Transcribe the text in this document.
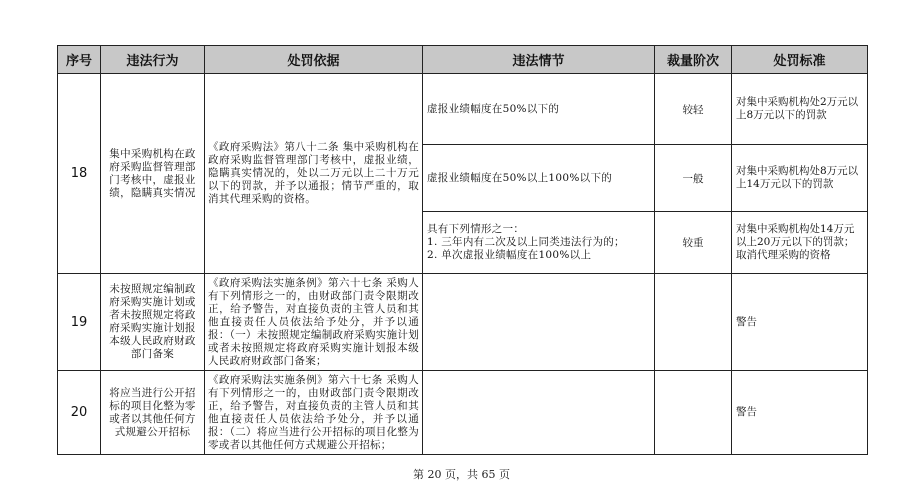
序号	违法行为	处罚依据	违法情节	裁量阶次	处罚标准
18	集中采购机构在政府采购监督管理部门考核中，虚报业绩，隐瞒真实情况	《政府采购法》第八十二条 集中采购机构在政府采购监督管理部门考核中，虚报业绩，隐瞒真实情况的，处以二万元以上二十万元以下的罚款，并予以通报；情节严重的，取消其代理采购的资格。	虚报业绩幅度在50%以下的	较轻	对集中采购机构处2万元以上8万元以下的罚款
			虚报业绩幅度在50%以上100%以下的	一般	对集中采购机构处8万元以上14万元以下的罚款
			具有下列情形之一：
1. 三年内有二次及以上同类违法行为的；
2. 单次虚报业绩幅度在100%以上	较重	对集中采购机构处14万元以上20万元以下的罚款；取消代理采购的资格
19	未按照规定编制政府采购实施计划或者未按照规定将政府采购实施计划报本级人民政府财政部门备案	《政府采购法实施条例》第六十七条 采购人有下列情形之一的，由财政部门责令限期改正，给予警告，对直接负责的主管人员和其他直接责任人员依法给予处分，并予以通报：（一）未按照规定编制政府采购实施计划或者未按照规定将政府采购实施计划报本级人民政府财政部门备案；			警告
20	将应当进行公开招标的项目化整为零或者以其他任何方式规避公开招标	《政府采购法实施条例》第六十七条 采购人有下列情形之一的，由财政部门责令限期改正，给予警告，对直接负责的主管人员和其他直接责任人员依法给予处分，并予以通报：（二）将应当进行公开招标的项目化整为零或者以其他任何方式规避公开招标；			警告
第 20 页，共 65 页
